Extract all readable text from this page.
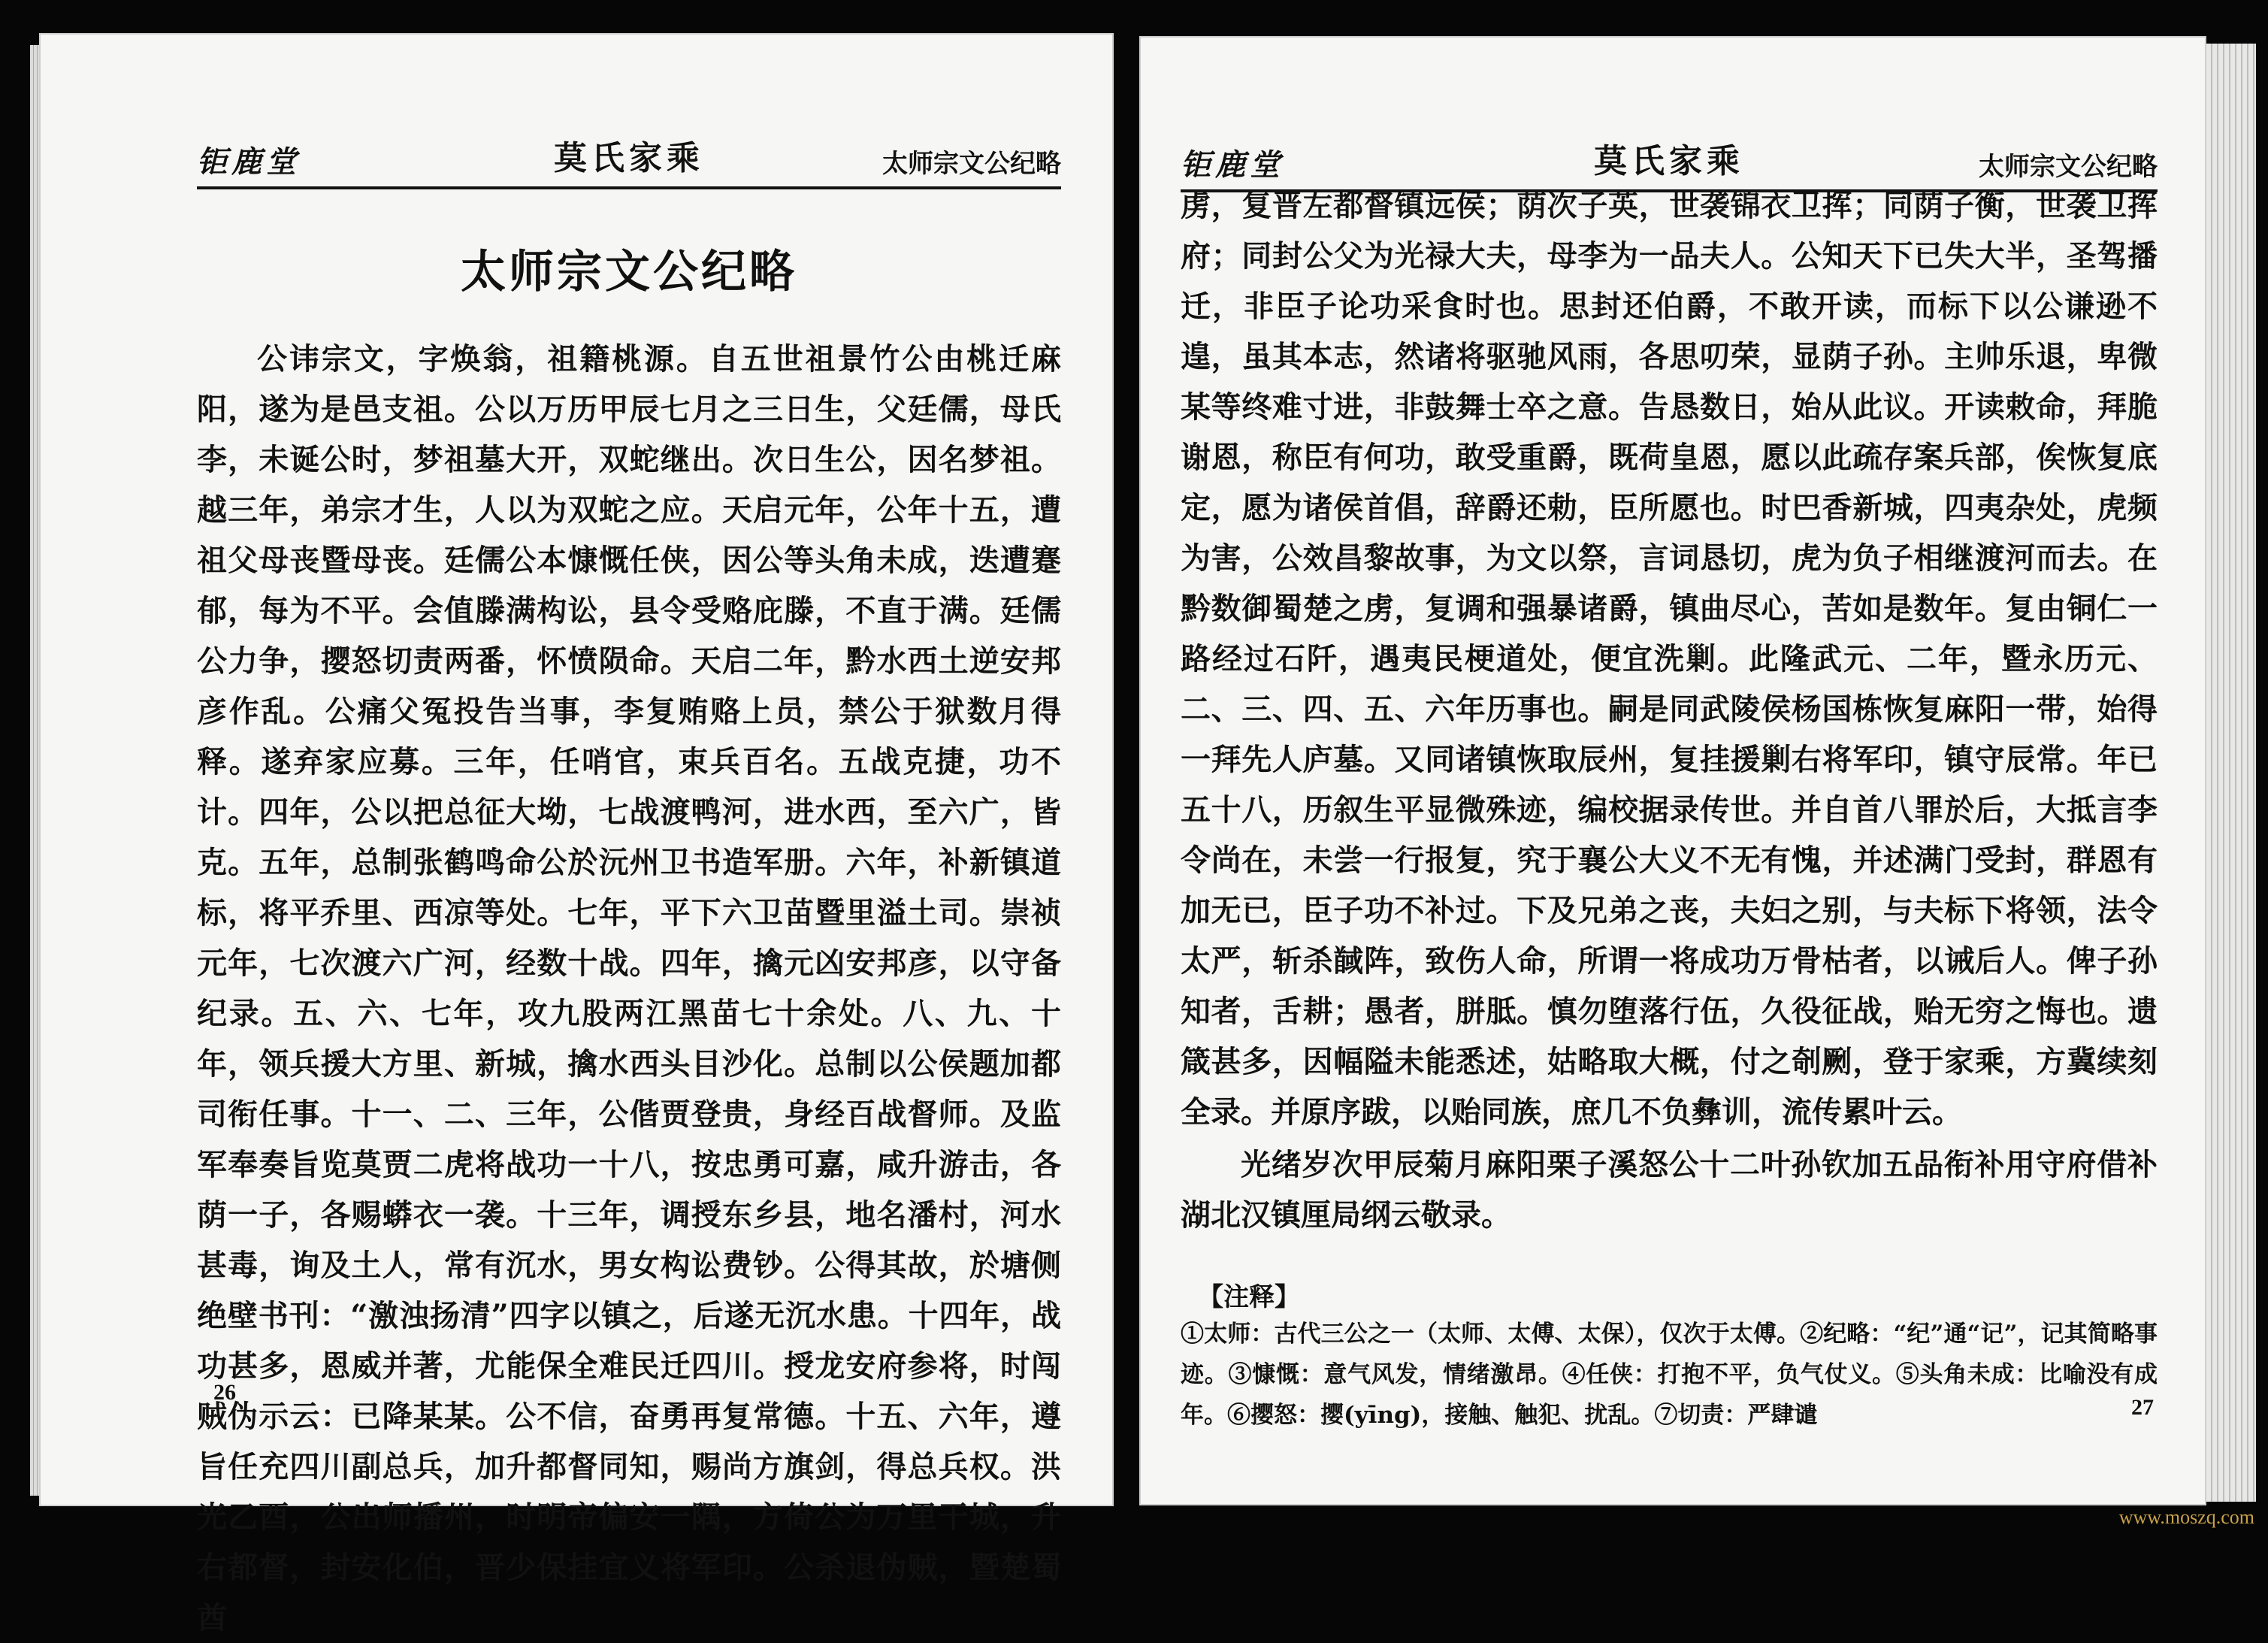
钜鹿堂	莫氏家乘	太师宗文公纪略
太师宗文公纪略

公讳宗文，字焕翁，祖籍桃源。自五世祖景竹公由桃迁麻阳，遂为是邑支祖。公以万历甲辰七月之三日生，父廷儒，母氏李，未诞公时，梦祖墓大开，双蛇继出。次日生公，因名梦祖。越三年，弟宗才生，人以为双蛇之应。天启元年，公年十五，遭祖父母丧暨母丧。廷儒公本慷慨任侠，因公等头角未成，迭遭蹇郁，每为不平。会值滕满构讼，县令受赂庇滕，不直于满。廷儒公力争，撄怒切责两番，怀愤陨命。天启二年，黔水西土逆安邦彦作乱。公痛父冤投告当事，李复贿赂上员，禁公于狱数月得释。遂弃家应募。三年，任哨官，束兵百名。五战克捷，功不计。四年，公以把总征大坳，七战渡鸭河，进水西，至六广，皆克。五年，总制张鹤鸣命公於沅州卫书造军册。六年，补新镇道标，将平乔里、西凉等处。七年，平下六卫苗暨里溢土司。崇祯元年，七次渡六广河，经数十战。四年，擒元凶安邦彦，以守备纪录。五、六、七年，攻九股两江黑苗七十余处。八、九、十年，领兵援大方里、新城，擒水西头目沙化。总制以公侯题加都司衔任事。十一、二、三年，公偕贾登贵，身经百战督师。及监军奉奏旨览莫贾二虎将战功一十八，按忠勇可嘉，咸升游击，各荫一子，各赐蟒衣一袭。十三年，调授东乡县，地名潘村，河水甚毒，询及土人，常有沉水，男女构讼费钞。公得其故，於塘侧绝壁书刊：“激浊扬清”四字以镇之，后遂无沉水患。十四年，战功甚多，恩威并著，尤能保全难民迁四川。授龙安府参将，时闯贼伪示云：已降某某。公不信，奋勇再复常德。十五、六年，遵旨任充四川副总兵，加升都督同知，赐尚方旗剑，得总兵权。洪光乙酉，公出师播州，时明帝偏安一隅，方倚公为万里干城，升右都督，封安化伯，晋少保挂宜义将军印。公杀退伪贼，暨楚蜀酋

26
钜鹿堂	莫氏家乘	太师宗文公纪略

虏，复晋左都督镇远侯；荫次子英，世袭锦衣卫挥；同荫子衡，世袭卫挥府；同封公父为光禄大夫，母李为一品夫人。公知天下已失大半，圣驾播迁，非臣子论功采食时也。思封还伯爵，不敢开读，而标下以公谦逊不遑，虽其本志，然诸将驱驰风雨，各思叨荣，显荫子孙。主帅乐退，卑微某等终难寸进，非鼓舞士卒之意。告恳数日，始从此议。开读敕命，拜脆谢恩，称臣有何功，敢受重爵，既荷皇恩，愿以此疏存案兵部，俟恢复底定，愿为诸侯首倡，辞爵还勅，臣所愿也。时巴香新城，四夷杂处，虎频为害，公效昌黎故事，为文以祭，言词恳切，虎为负子相继渡河而去。在黔数御蜀楚之虏，复调和强暴诸爵，镇曲尽心，苦如是数年。复由铜仁一路经过石阡，遇夷民梗道处，便宜洗剿。此隆武元、二年，暨永历元、二、三、四、五、六年历事也。嗣是同武陵侯杨国栋恢复麻阳一带，始得一拜先人庐墓。又同诸镇恢取辰州，复挂援剿右将军印，镇守辰常。年已五十八，历叙生平显微殊迹，编校据录传世。并自首八罪於后，大抵言李令尚在，未尝一行报复，究于襄公大义不无有愧，并述满门受封，群恩有加无已，臣子功不补过。下及兄弟之丧，夫妇之别，与夫标下将领，法令太严，斩杀馘阵，致伤人命，所谓一将成功万骨枯者，以诫后人。俾子孙知者，舌耕；愚者，胼胝。慎勿堕落行伍，久役征战，贻无穷之悔也。遗箴甚多，因幅隘未能悉述，姑略取大概，付之剞劂，登于家乘，方冀续刻全录。并原序跋，以贻同族，庶几不负彝训，流传累叶云。

光绪岁次甲辰菊月麻阳栗子溪怒公十二叶孙钦加五品衔补用守府借补湖北汉镇厘局纲云敬录。
【注释】
①太师：古代三公之一（太师、太傅、太保），仅次于太傅。②纪略：“纪”通“记”，记其简略事迹。③慷慨：意气风发，情绪激昂。④任侠：打抱不平，负气仗义。⑤头角未成：比喻没有成年。⑥撄怒：撄(yīng)，接触、触犯、扰乱。⑦切责：严肆谴	27
www.moszq.com
